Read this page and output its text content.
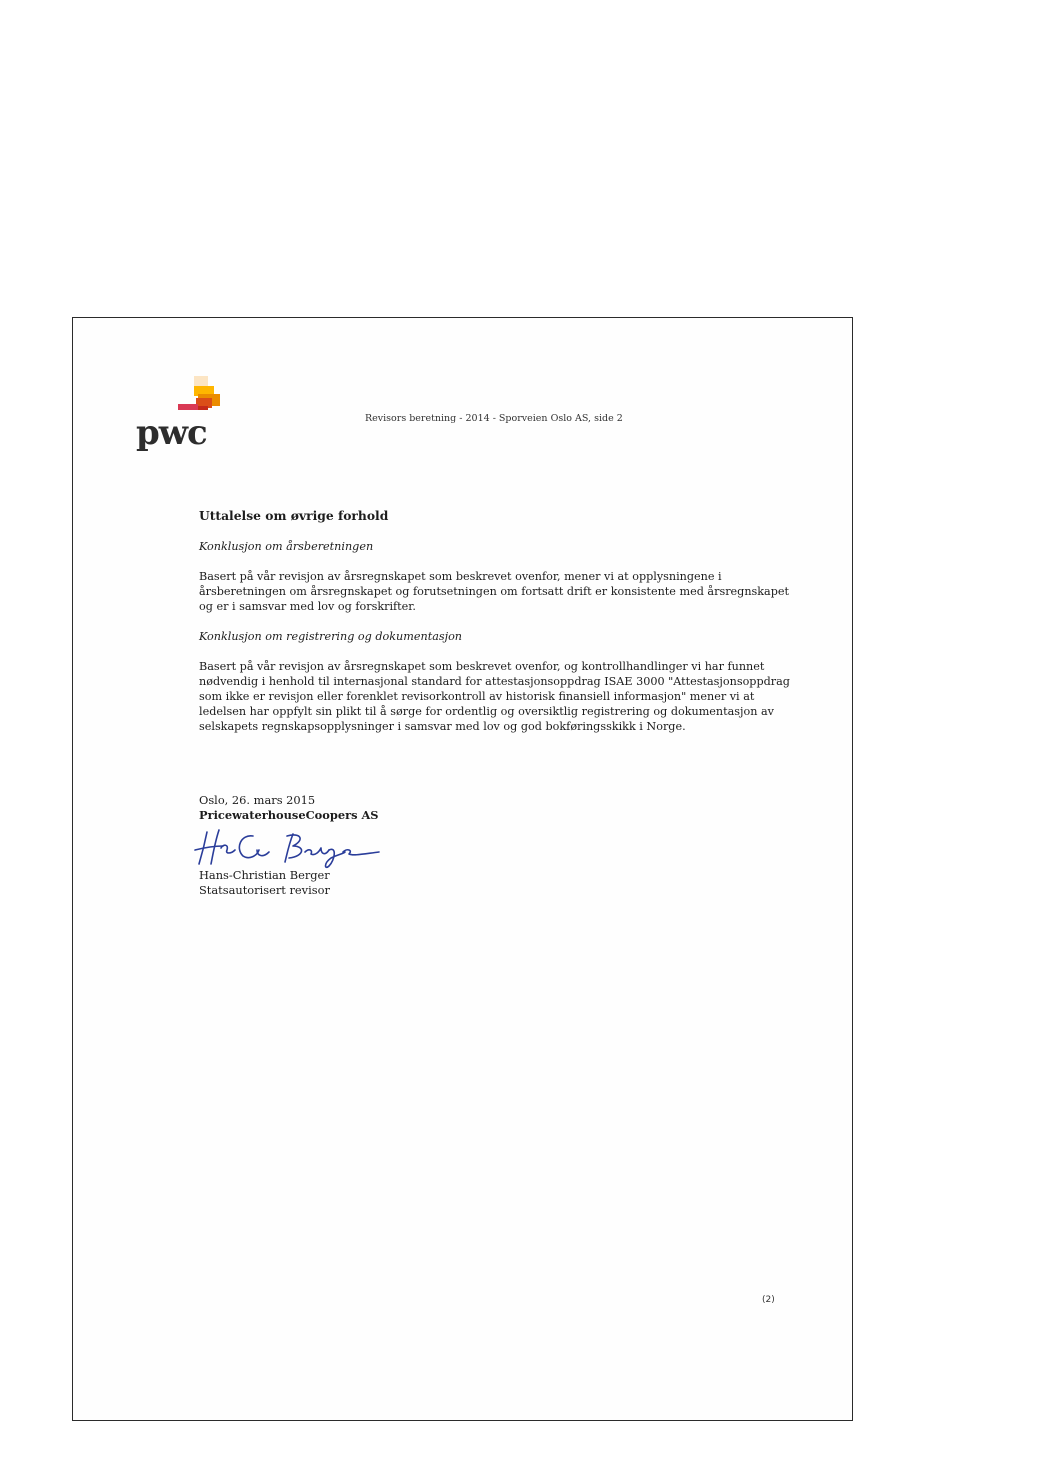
pwc	Revisors beretning - 2014 - Sporveien Oslo AS, side 2
Uttalelse om øvrige forhold
Konklusjon om årsberetningen

Basert på vår revisjon av årsregnskapet som beskrevet ovenfor, mener vi at opplysningene i årsberetningen om årsregnskapet og forutsetningen om fortsatt drift er konsistente med årsregnskapet og er i samsvar med lov og forskrifter.

Konklusjon om registrering og dokumentasjon

Basert på vår revisjon av årsregnskapet som beskrevet ovenfor, og kontrollhandlinger vi har funnet nødvendig i henhold til internasjonal standard for attestasjonsoppdrag ISAE 3000 "Attestasjonsoppdrag som ikke er revisjon eller forenklet revisorkontroll av historisk finansiell informasjon" mener vi at ledelsen har oppfylt sin plikt til å sørge for ordentlig og oversiktlig registrering og dokumentasjon av selskapets regnskapsopplysninger i samsvar med lov og god bokføringsskikk i Norge.

Oslo, 26. mars 2015
PricewaterhouseCoopers AS
Hans-Christian Berger
Statsautorisert revisor
(2)
